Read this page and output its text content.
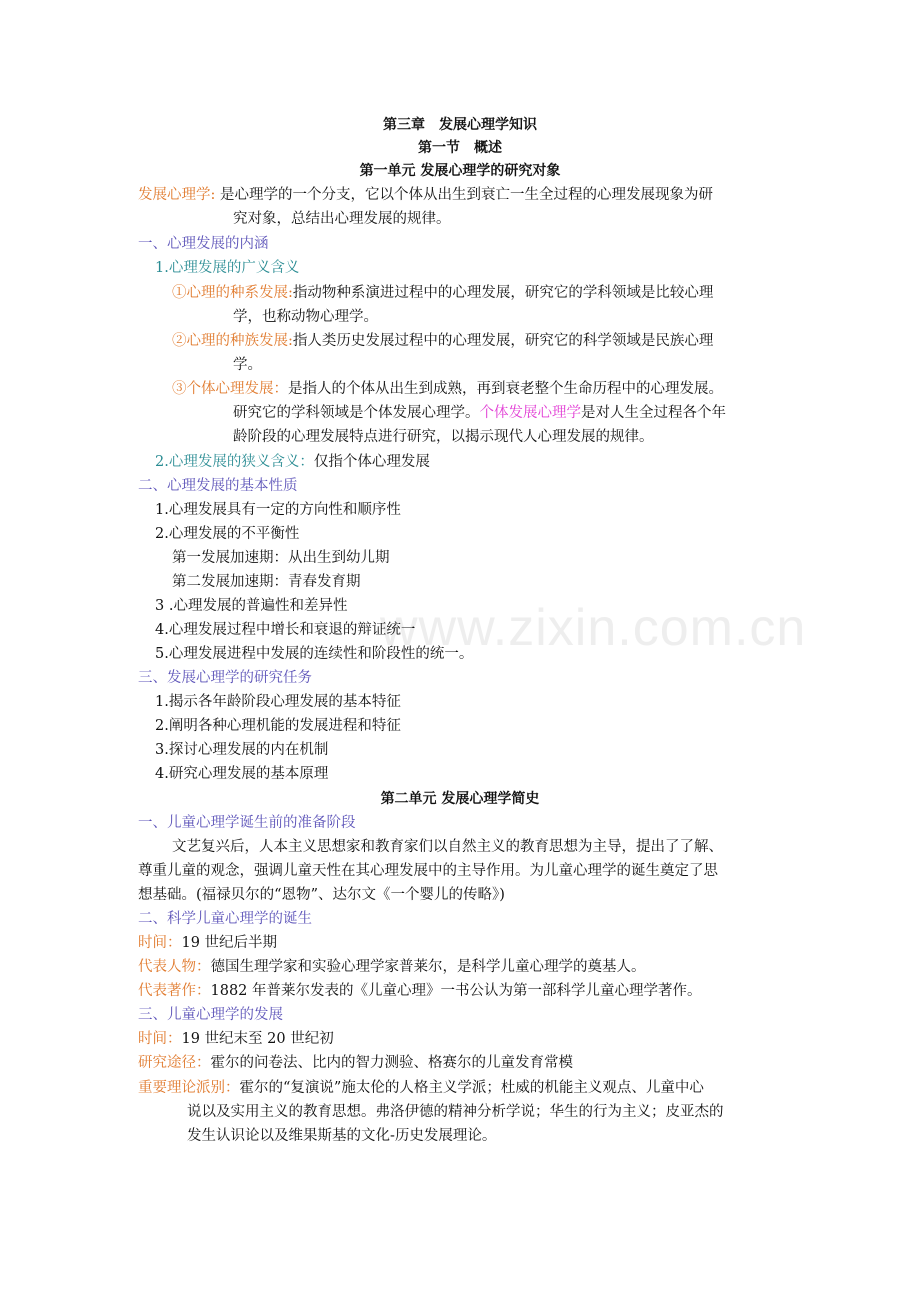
www.zixin.com.cn
第三章　发展心理学知识
第一节　概述
第一单元 发展心理学的研究对象
发展心理学: 是心理学的一个分支，它以个体从出生到衰亡一生全过程的心理发展现象为研
究对象，总结出心理发展的规律。
一、心理发展的内涵
1.心理发展的广义含义
①心理的种系发展:指动物种系演进过程中的心理发展，研究它的学科领域是比较心理
学，也称动物心理学。
②心理的种族发展:指人类历史发展过程中的心理发展，研究它的科学领域是民族心理
学。
③个体心理发展：是指人的个体从出生到成熟，再到衰老整个生命历程中的心理发展。
研究它的学科领域是个体发展心理学。个体发展心理学是对人生全过程各个年
龄阶段的心理发展特点进行研究，以揭示现代人心理发展的规律。
2.心理发展的狭义含义：仅指个体心理发展
二、心理发展的基本性质
1.心理发展具有一定的方向性和顺序性
2.心理发展的不平衡性
第一发展加速期：从出生到幼儿期
第二发展加速期：青春发育期
3 .心理发展的普遍性和差异性
4.心理发展过程中增长和衰退的辩证统一
5.心理发展进程中发展的连续性和阶段性的统一。
三、发展心理学的研究任务
1.揭示各年龄阶段心理发展的基本特征
2.阐明各种心理机能的发展进程和特征
3.探讨心理发展的内在机制
4.研究心理发展的基本原理
第二单元 发展心理学简史
一、儿童心理学诞生前的准备阶段
文艺复兴后，人本主义思想家和教育家们以自然主义的教育思想为主导，提出了了解、
尊重儿童的观念，强调儿童天性在其心理发展中的主导作用。为儿童心理学的诞生奠定了思
想基础。(福禄贝尔的“恩物”、达尔文《一个婴儿的传略》)
二、科学儿童心理学的诞生
时间：19 世纪后半期
代表人物：德国生理学家和实验心理学家普莱尔，是科学儿童心理学的奠基人。
代表著作：1882 年普莱尔发表的《儿童心理》一书公认为第一部科学儿童心理学著作。
三、儿童心理学的发展
时间：19 世纪末至 20 世纪初
研究途径：霍尔的问卷法、比内的智力测验、格赛尔的儿童发育常模
重要理论派别：霍尔的“复演说”施太伦的人格主义学派；杜威的机能主义观点、儿童中心
说以及实用主义的教育思想。弗洛伊德的精神分析学说；华生的行为主义；皮亚杰的
发生认识论以及维果斯基的文化-历史发展理论。
